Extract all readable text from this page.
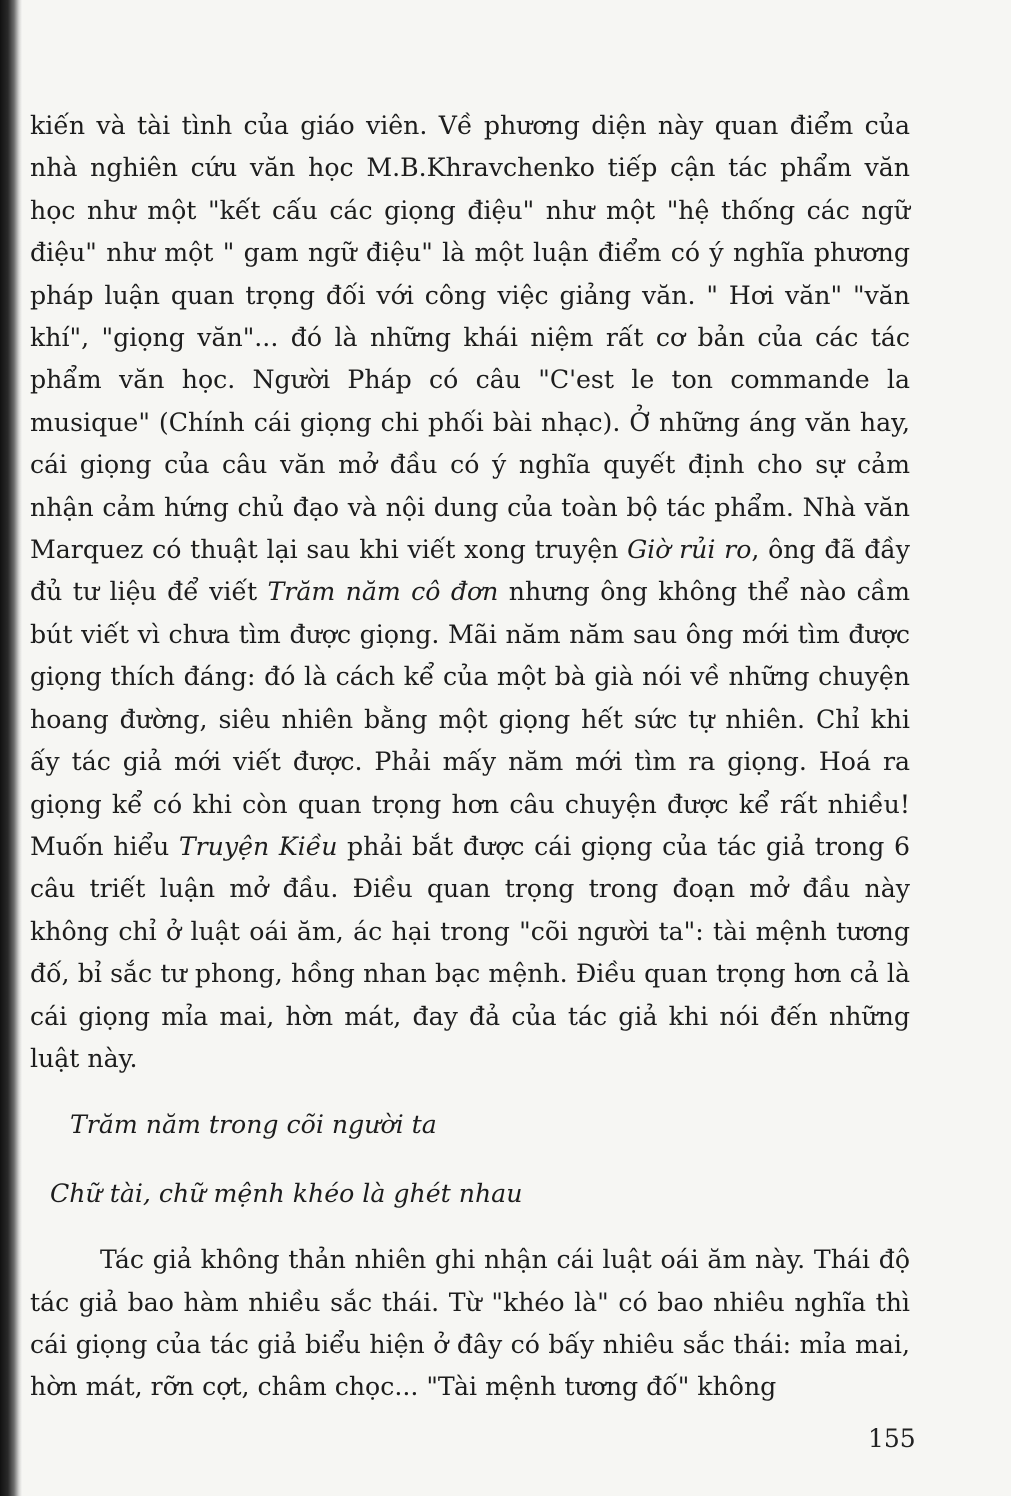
kiến và tài tình của giáo viên. Về phương diện này quan điểm của nhà nghiên cứu văn học M.B.Khravchenko tiếp cận tác phẩm văn học như một "kết cấu các giọng điệu" như một "hệ thống các ngữ điệu" như một " gam ngữ điệu" là một luận điểm có ý nghĩa phương pháp luận quan trọng đối với công việc giảng văn. " Hơi văn" "văn khí", "giọng văn"... đó là những khái niệm rất cơ bản của các tác phẩm văn học. Người Pháp có câu "C'est le ton commande la musique" (Chính cái giọng chi phối bài nhạc). Ở những áng văn hay, cái giọng của câu văn mở đầu có ý nghĩa quyết định cho sự cảm nhận cảm hứng chủ đạo và nội dung của toàn bộ tác phẩm. Nhà văn Marquez có thuật lại sau khi viết xong truyện Giờ rủi ro, ông đã đầy đủ tư liệu để viết Trăm năm cô đơn nhưng ông không thể nào cầm bút viết vì chưa tìm được giọng. Mãi năm năm sau ông mới tìm được giọng thích đáng: đó là cách kể của một bà già nói về những chuyện hoang đường, siêu nhiên bằng một giọng hết sức tự nhiên. Chỉ khi ấy tác giả mới viết được. Phải mấy năm mới tìm ra giọng. Hoá ra giọng kể có khi còn quan trọng hơn câu chuyện được kể rất nhiều! Muốn hiểu Truyện Kiều phải bắt được cái giọng của tác giả trong 6 câu triết luận mở đầu. Điều quan trọng trong đoạn mở đầu này không chỉ ở luật oái ăm, ác hại trong "cõi người ta": tài mệnh tương đố, bỉ sắc tư phong, hồng nhan bạc mệnh. Điều quan trọng hơn cả là cái giọng mỉa mai, hờn mát, đay đả của tác giả khi nói đến những luật này.

Trăm năm trong cõi người ta

Chữ tài, chữ mệnh khéo là ghét nhau

Tác giả không thản nhiên ghi nhận cái luật oái ăm này. Thái độ tác giả bao hàm nhiều sắc thái. Từ "khéo là" có bao nhiêu nghĩa thì cái giọng của tác giả biểu hiện ở đây có bấy nhiêu sắc thái: mỉa mai, hờn mát, rỡn cợt, châm chọc... "Tài mệnh tương đố" không

155
